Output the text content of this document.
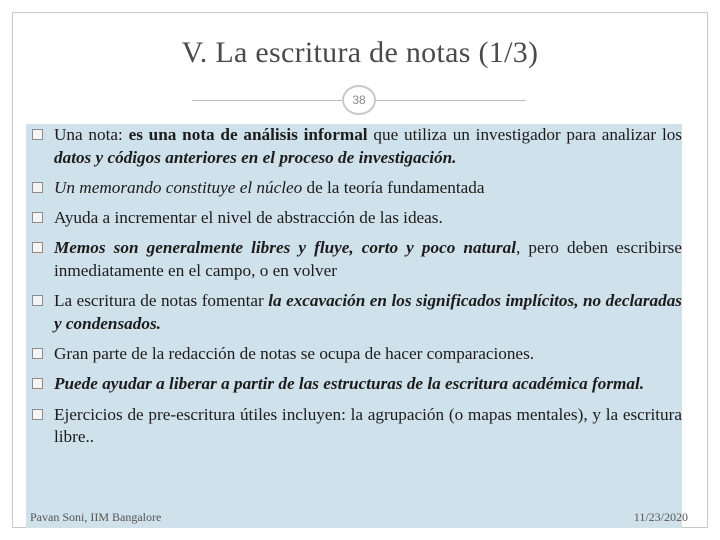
V. La escritura de notas (1/3)
38
Una nota: es una nota de análisis informal que utiliza un investigador para analizar los datos y códigos anteriores en el proceso de investigación.
Un memorando constituye el núcleo de la teoría fundamentada
Ayuda a incrementar el nivel de abstracción de las ideas.
Memos son generalmente libres y fluye, corto y poco natural, pero deben escribirse inmediatamente en el campo, o en volver
La escritura de notas fomentar la excavación en los significados implícitos, no declaradas y condensados.
Gran parte de la redacción de notas se ocupa de hacer comparaciones.
Puede ayudar a liberar a partir de las estructuras de la escritura académica formal.
Ejercicios de pre-escritura útiles incluyen: la agrupación (o mapas mentales), y la escritura libre..
Pavan Soni, IIM Bangalore	11/23/2020
